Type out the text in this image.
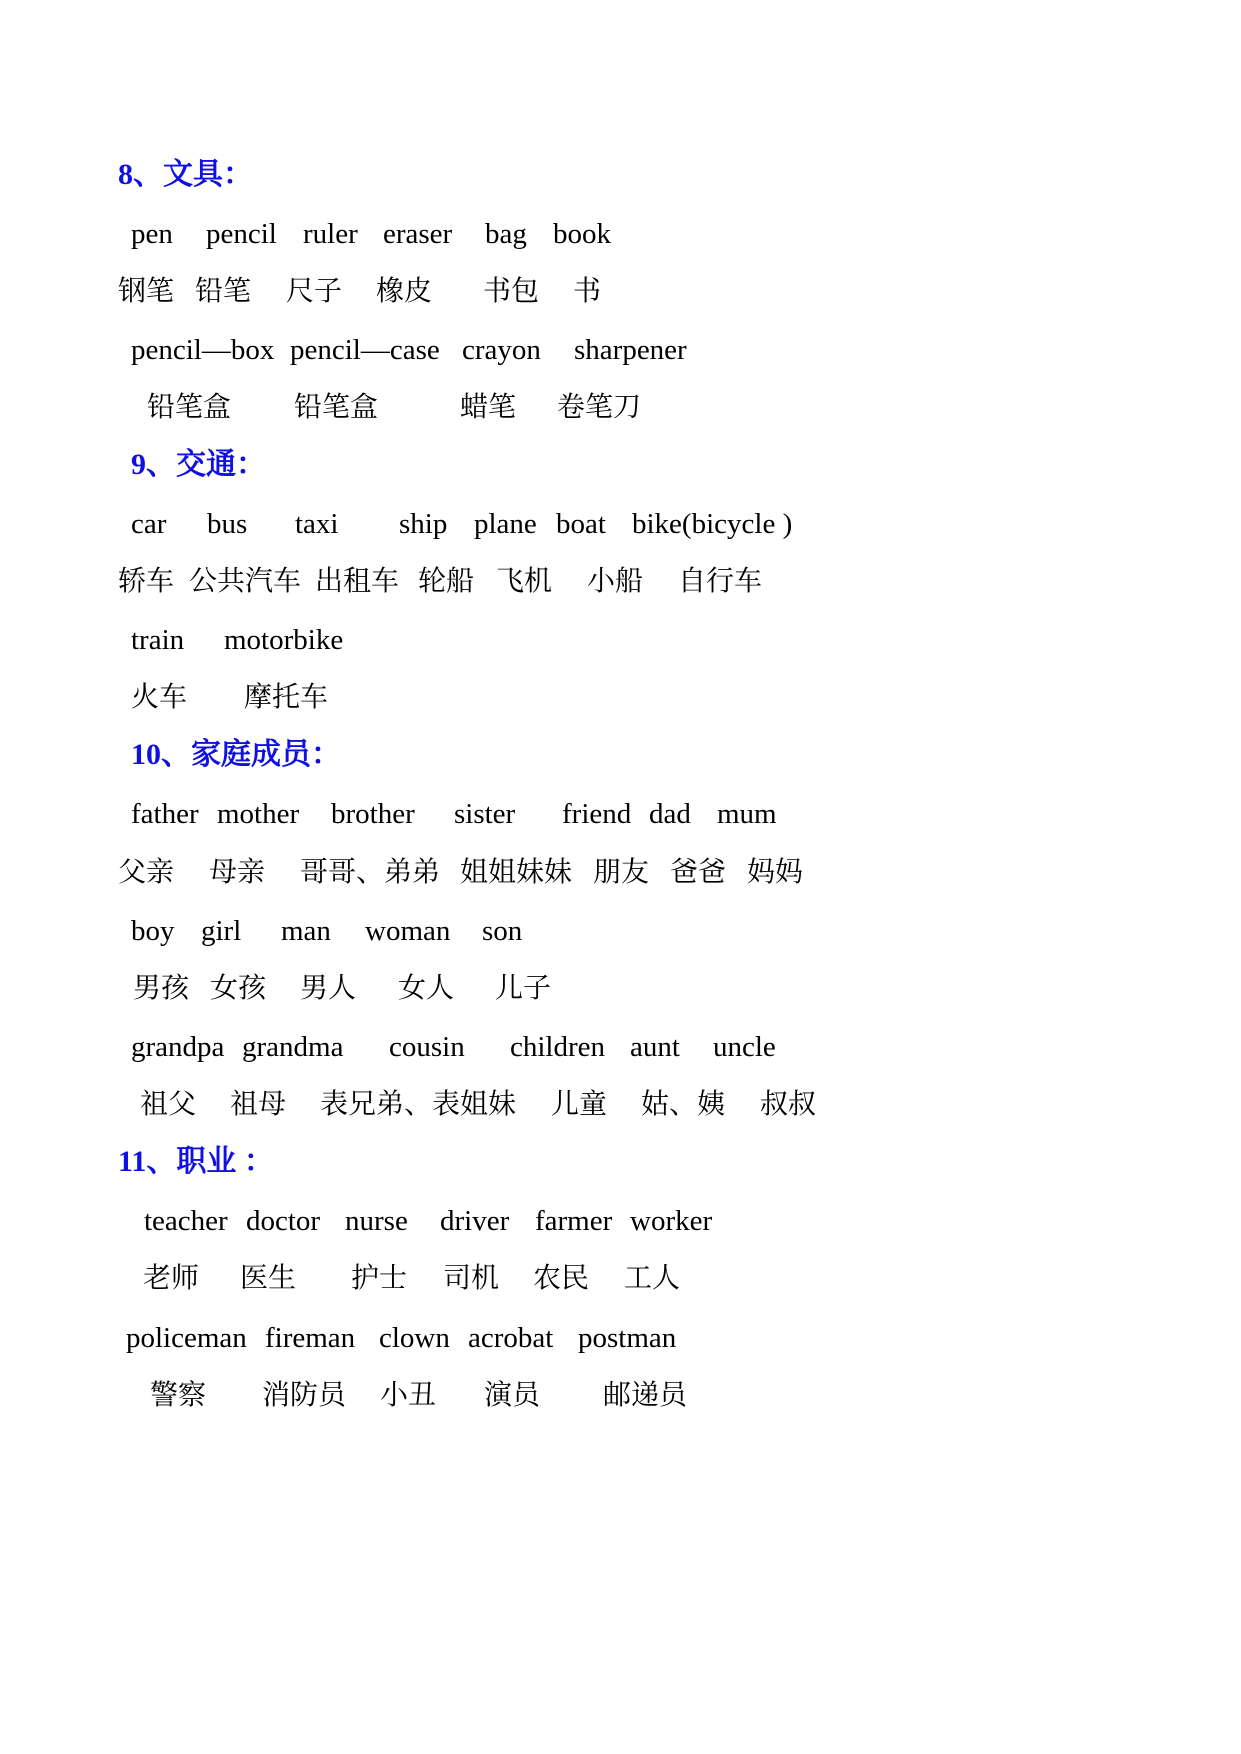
8、文具：
pen pencil ruler eraser bag book
钢笔 铅笔 尺子 橡皮 书包 书
pencil—box pencil—case crayon sharpener
铅笔盒 铅笔盒	蜡笔 卷笔刀
9、交通：
car bus taxi ship plane boat bike(bicycle )
轿车 公共汽车 出租车 轮船 飞机 小船 自行车
train motorbike
火车 摩托车
10、家庭成员：
father mother brother sister friend dad mum
父亲 母亲 哥哥、弟弟 姐姐妹妹 朋友 爸爸 妈妈
boy girl man woman son
男孩 女孩 男人 女人 儿子
grandpa grandma cousin children aunt uncle
祖父 祖母 表兄弟、表姐妹 儿童 姑、姨 叔叔
11、职业 ：
teacher doctor nurse driver farmer worker
老师 医生 护士 司机 农民 工人
policeman fireman clown acrobat postman
警察 消防员 小丑 演员 邮递员
